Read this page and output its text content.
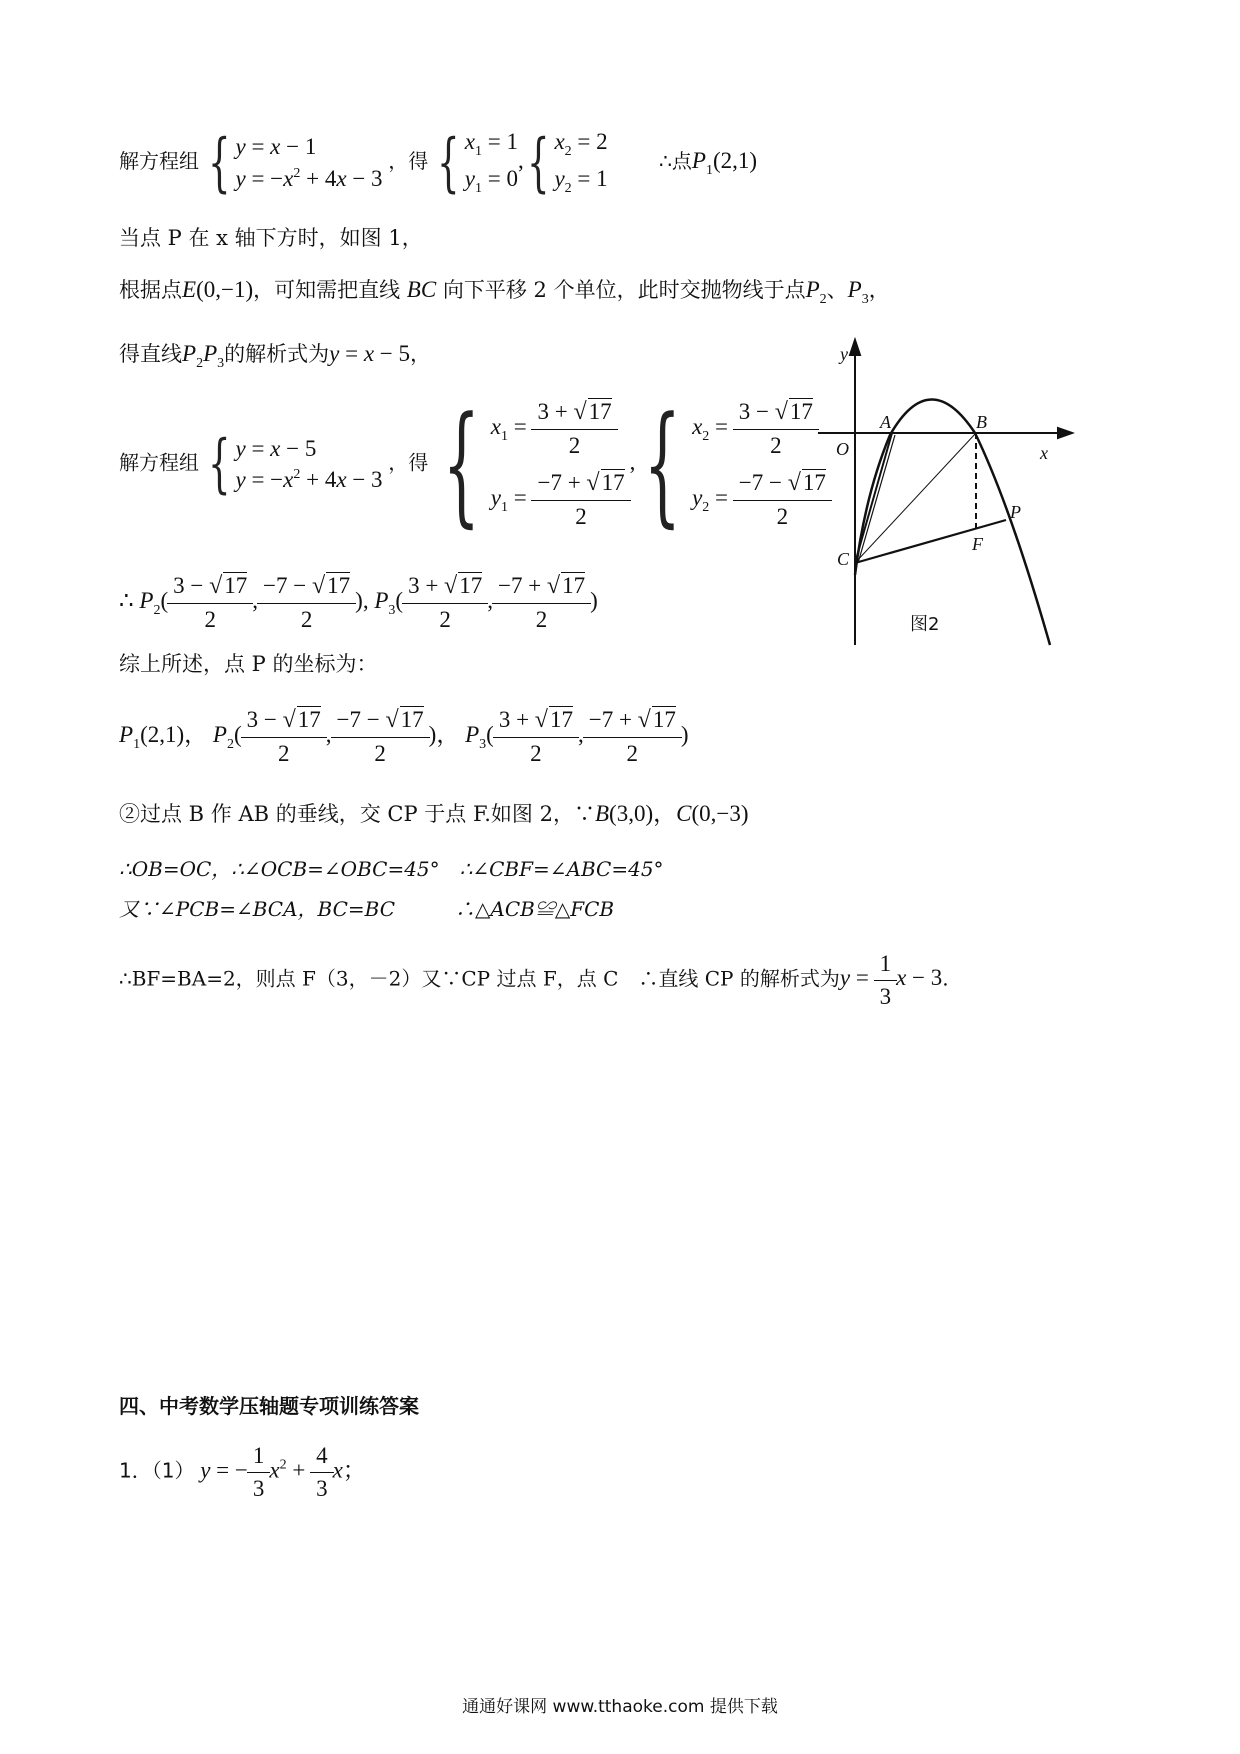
解方程组 { y = x − 1
$y = -x^2 + 4x - 3$
，得 { $x_1 = 1$
$y_1 = 0$
, { $x_2 = 2$
$y_2 = 1$
∴点$P_1(2,1)$
当点 P 在 x 轴下方时，如图 1，
根据点E(0,−1)，可知需把直线 BC 向下平移 2 个单位，此时交抛物线于点$P_2$、$P_3$，
得直线$P_2P_3$的解析式为y = x − 5，
解方程组 { y = x − 5
$y = -x^2 + 4x - 3$
，得 { $x_1 = \frac{3 + √17}{2}$
$y_1 = \frac{-7 + √17}{2}$
, { $x_2 = \frac{3 - √17}{2}$
$y_2 = \frac{-7 - √17}{2}$
∴ $P_2( \frac{3 - √17}{2}$ , $\frac{-7 - √17}{2}$ ), $P_3( \frac{3 + √17}{2}$ , $\frac{-7 + √17}{2}$ )
综上所述，点 P 的坐标为：
$P_1(2,1)$， $P_2( \frac{3 - √17}{2}$ , $\frac{-7 - √17}{2}$ )， $P_3( \frac{3 + √17}{2}$ , $\frac{-7 + √17}{2}$ )
②过点 B 作 AB 的垂线，交 CP 于点 F.如图 2，∵B(3,0)，C(0,−3)
∴OB=OC，∴∠OCB=∠OBC=45°　∴∠CBF=∠ABC=45°
又∵∠PCB=∠BCA，BC=BC　　　∴△ACB≌△FCB
∴BF=BA=2，则点 F（3，－2）又∵CP 过点 F，点 C　∴直线 CP 的解析式为$y = \frac{1}{3}$ x − 3.
四、中考数学压轴题专项训练答案
1．（1） y = − $\frac{1}{3} x^2 + \frac{4}{3}$ x；
y
x
O
A	B
C
F
P
图2
通通好课网 www.tthaoke.com 提供下载
